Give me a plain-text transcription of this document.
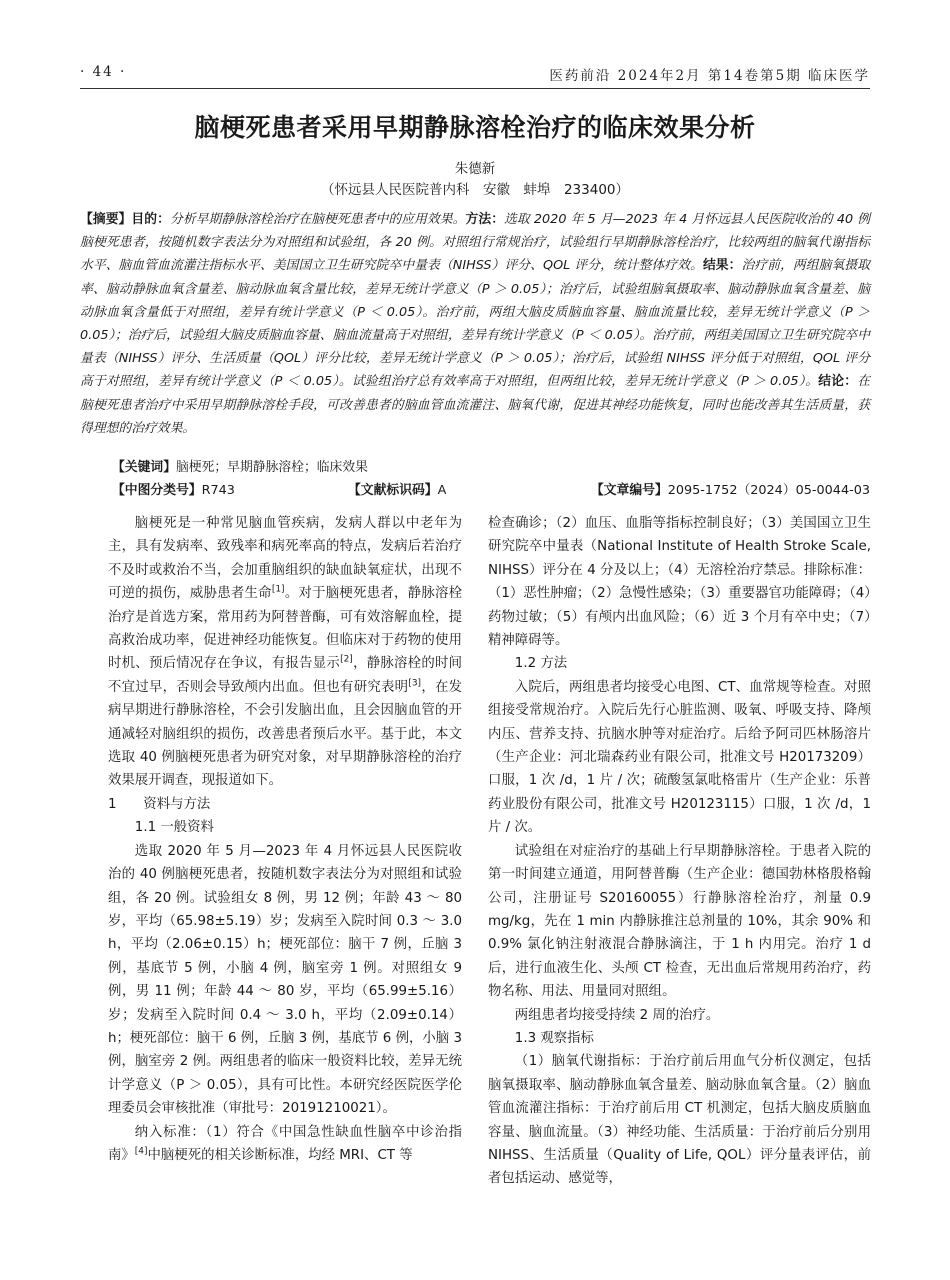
· 44 ·	医药前沿 2024年2月 第14卷第5期 临床医学
脑梗死患者采用早期静脉溶栓治疗的临床效果分析
朱德新
（怀远县人民医院普内科　安徽　蚌埠　233400）
【摘要】目的：分析早期静脉溶栓治疗在脑梗死患者中的应用效果。方法：选取 2020 年 5 月—2023 年 4 月怀远县人民医院收治的 40 例脑梗死患者，按随机数字表法分为对照组和试验组，各 20 例。对照组行常规治疗，试验组行早期静脉溶栓治疗，比较两组的脑氧代谢指标水平、脑血管血流灌注指标水平、美国国立卫生研究院卒中量表（NIHSS）评分、QOL 评分，统计整体疗效。结果：治疗前，两组脑氧摄取率、脑动静脉血氧含量差、脑动脉血氧含量比较，差异无统计学意义（P ＞ 0.05）；治疗后，试验组脑氧摄取率、脑动静脉血氧含量差、脑动脉血氧含量低于对照组，差异有统计学意义（P ＜ 0.05）。治疗前，两组大脑皮质脑血容量、脑血流量比较，差异无统计学意义（P ＞ 0.05）；治疗后，试验组大脑皮质脑血容量、脑血流量高于对照组，差异有统计学意义（P ＜ 0.05）。治疗前，两组美国国立卫生研究院卒中量表（NIHSS）评分、生活质量（QOL）评分比较，差异无统计学意义（P ＞ 0.05）；治疗后，试验组 NIHSS 评分低于对照组，QOL 评分高于对照组，差异有统计学意义（P ＜ 0.05）。试验组治疗总有效率高于对照组，但两组比较，差异无统计学意义（P ＞ 0.05）。结论：在脑梗死患者治疗中采用早期静脉溶栓手段，可改善患者的脑血管血流灌注、脑氧代谢，促进其神经功能恢复，同时也能改善其生活质量，获得理想的治疗效果。
【关键词】脑梗死；早期静脉溶栓；临床效果
【中图分类号】R743	【文献标识码】A	【文章编号】2095-1752（2024）05-0044-03

脑梗死是一种常见脑血管疾病，发病人群以中老年为主，具有发病率、致残率和病死率高的特点，发病后若治疗不及时或救治不当，会加重脑组织的缺血缺氧症状，出现不可逆的损伤，威胁患者生命[1]。对于脑梗死患者，静脉溶栓治疗是首选方案，常用药为阿替普酶，可有效溶解血栓，提高救治成功率，促进神经功能恢复。但临床对于药物的使用时机、预后情况存在争议，有报告显示[2]，静脉溶栓的时间不宜过早，否则会导致颅内出血。但也有研究表明[3]，在发病早期进行静脉溶栓，不会引发脑出血，且会因脑血管的开通减轻对脑组织的损伤，改善患者预后水平。基于此，本文选取 40 例脑梗死患者为研究对象，对早期静脉溶栓的治疗效果展开调查，现报道如下。

1　　资料与方法

1.1 一般资料

选取 2020 年 5 月—2023 年 4 月怀远县人民医院收治的 40 例脑梗死患者，按随机数字表法分为对照组和试验组，各 20 例。试验组女 8 例，男 12 例；年龄 43 ～ 80 岁，平均（65.98±5.19）岁；发病至入院时间 0.3 ～ 3.0 h，平均（2.06±0.15）h；梗死部位：脑干 7 例，丘脑 3 例，基底节 5 例，小脑 4 例，脑室旁 1 例。对照组女 9 例，男 11 例；年龄 44 ～ 80 岁，平均（65.99±5.16）岁；发病至入院时间 0.4 ～ 3.0 h，平均（2.09±0.14）h；梗死部位：脑干 6 例，丘脑 3 例，基底节 6 例，小脑 3 例，脑室旁 2 例。两组患者的临床一般资料比较，差异无统计学意义（P ＞ 0.05），具有可比性。本研究经医院医学伦理委员会审核批准（审批号：20191210021）。

纳入标准：（1）符合《中国急性缺血性脑卒中诊治指南》[4]中脑梗死的相关诊断标准，均经 MRI、CT 等

检查确诊；（2）血压、血脂等指标控制良好；（3）美国国立卫生研究院卒中量表（National Institute of Health Stroke Scale, NIHSS）评分在 4 分及以上；（4）无溶栓治疗禁忌。排除标准：（1）恶性肿瘤；（2）急慢性感染；（3）重要器官功能障碍；（4）药物过敏；（5）有颅内出血风险；（6）近 3 个月有卒中史；（7）精神障碍等。

1.2 方法

入院后，两组患者均接受心电图、CT、血常规等检查。对照组接受常规治疗。入院后先行心脏监测、吸氧、呼吸支持、降颅内压、营养支持、抗脑水肿等对症治疗。后给予阿司匹林肠溶片（生产企业：河北瑞森药业有限公司，批准文号 H20173209）口服，1 次 /d，1 片 / 次；硫酸氢氯吡格雷片（生产企业：乐普药业股份有限公司，批准文号 H20123115）口服，1 次 /d，1 片 / 次。

试验组在对症治疗的基础上行早期静脉溶栓。于患者入院的第一时间建立通道，用阿替普酶（生产企业：德国勃林格殷格翰公司，注册证号 S20160055）行静脉溶栓治疗，剂量 0.9 mg/kg，先在 1 min 内静脉推注总剂量的 10%，其余 90% 和 0.9% 氯化钠注射液混合静脉滴注，于 1 h 内用完。治疗 1 d 后，进行血液生化、头颅 CT 检查，无出血后常规用药治疗，药物名称、用法、用量同对照组。

两组患者均接受持续 2 周的治疗。

1.3 观察指标

（1）脑氧代谢指标：于治疗前后用血气分析仪测定，包括脑氧摄取率、脑动静脉血氧含量差、脑动脉血氧含量。（2）脑血管血流灌注指标：于治疗前后用 CT 机测定，包括大脑皮质脑血容量、脑血流量。（3）神经功能、生活质量：于治疗前后分别用 NIHSS、生活质量（Quality of Life, QOL）评分量表评估，前者包括运动、感觉等，
